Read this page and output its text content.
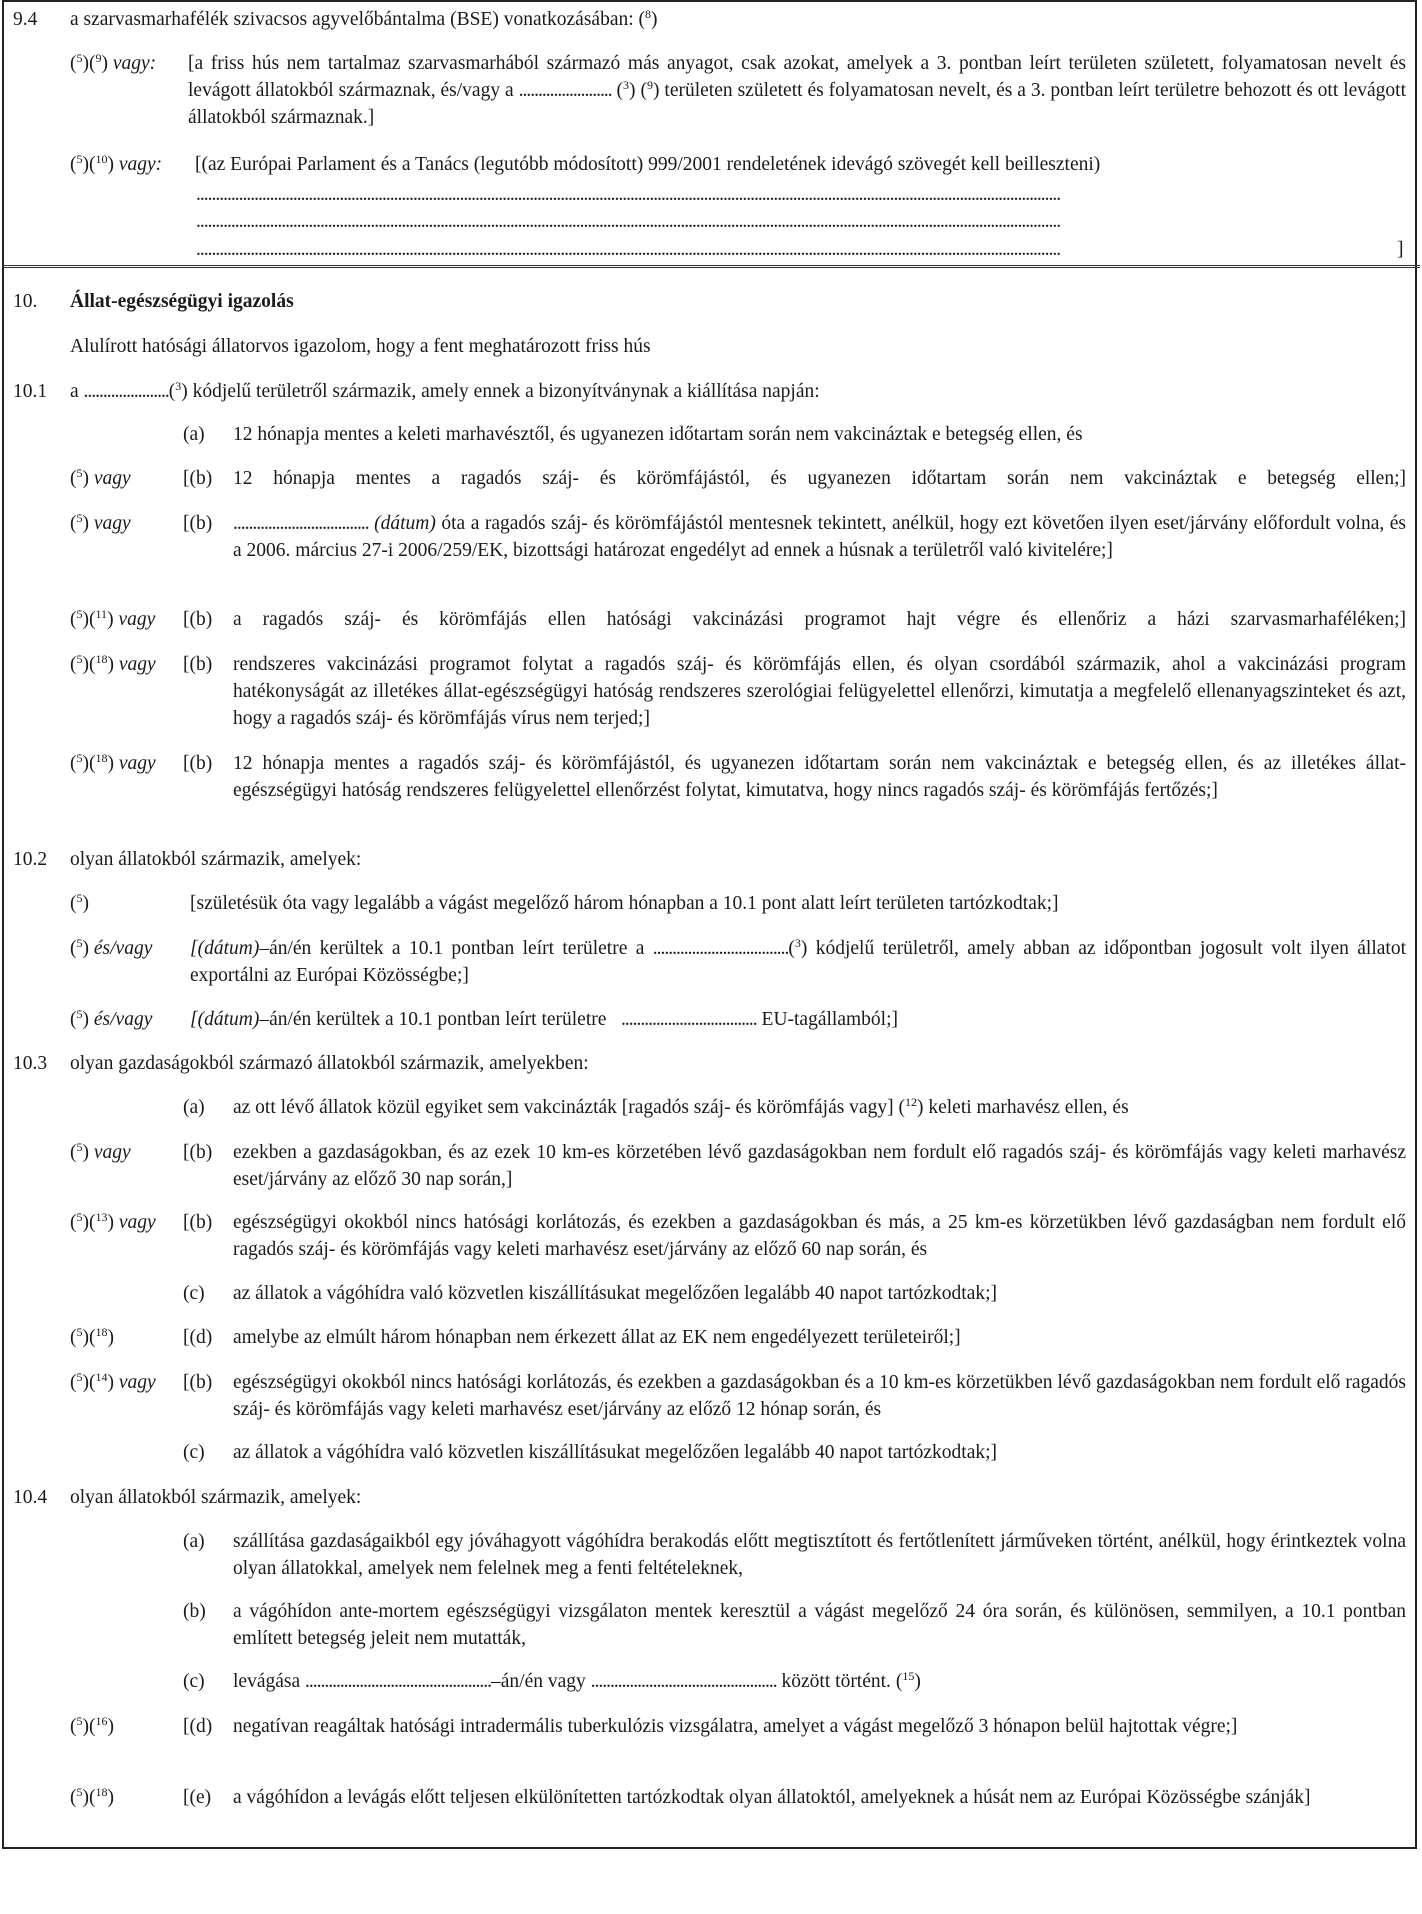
9.4 a szarvasmarhafélék szivacsos agyvelőbántalma (BSE) vonatkozásában: ($^8$)
($^5$)($^9$) vagy: [a friss hús nem tartalmaz szarvasmarhából származó más anyagot, csak azokat, amelyek a 3. pontban leírt területen született, folyamatosan nevelt és levágott állatokból származnak, és/vagy a ........................ ($^3$) ($^9$) területen született és folyamatosan nevelt, és a 3. pontban leírt területre behozott és ott levágott állatokból származnak.]
($^5$)($^{10}$) vagy: [(az Európai Parlament és a Tanács (legutóbb módosított) 999/2001 rendeletének idevágó szövegét kell beilleszteni)
...............................................................................................................................................................................................................................
...............................................................................................................................................................................................................................
...............................................................................................................................................................................................................................	]
10. Állat-egészségügyi igazolás
Alulírott hatósági állatorvos igazolom, hogy a fent meghatározott friss hús
10.1 a ......................($^3$) kódjelű területről származik, amely ennek a bizonyítványnak a kiállítása napján:
(a) 12 hónapja mentes a keleti marhavésztől, és ugyanezen időtartam során nem vakcináztak e betegség ellen, és
($^5$) vagy	[(b) 12 hónapja mentes a ragadós száj- és körömfájástól, és ugyanezen időtartam során nem vakcináztak e betegség ellen;]
($^5$) vagy	[(b) ................................... (dátum) óta a ragadós száj- és körömfájástól mentesnek tekintett, anélkül, hogy ezt követően ilyen eset/járvány előfordult volna, és a 2006. március 27-i 2006/259/EK, bizottsági határozat engedélyt ad ennek a húsnak a területről való kivitelére;]
($^5$)($^{11}$) vagy [(b) a ragadós száj- és körömfájás ellen hatósági vakcinázási programot hajt végre és ellenőriz a házi szarvasmarhaféléken;]
($^5$)($^{18}$) vagy [(b) rendszeres vakcinázási programot folytat a ragadós száj- és körömfájás ellen, és olyan csordából származik, ahol a vakcinázási program hatékonyságát az illetékes állat-egészségügyi hatóság rendszeres szerológiai felügyelettel ellenőrzi, kimutatja a megfelelő ellenanyagszinteket és azt, hogy a ragadós száj- és körömfájás vírus nem terjed;]
($^5$)($^{18}$) vagy [(b) 12 hónapja mentes a ragadós száj- és körömfájástól, és ugyanezen időtartam során nem vakcináztak e betegség ellen, és az illetékes állat-egészségügyi hatóság rendszeres felügyelettel ellenőrzést folytat, kimutatva, hogy nincs ragadós száj- és körömfájás fertőzés;]
10.2 olyan állatokból származik, amelyek:
($^5$)	[születésük óta vagy legalább a vágást megelőző három hónapban a 10.1 pont alatt leírt területen tartózkodtak;]
($^5$) és/vagy [(dátum)–án/én kerültek a 10.1 pontban leírt területre a ...................................($^3$) kódjelű területről, amely abban az időpontban jogosult volt ilyen állatot exportálni az Európai Közösségbe;]
($^5$) és/vagy [(dátum)–án/én kerültek a 10.1 pontban leírt területre ................................... EU-tagállamból;]
10.3 olyan gazdaságokból származó állatokból származik, amelyekben:
(a) az ott lévő állatok közül egyiket sem vakcinázták [ragadós száj- és körömfájás vagy] ($^{12}$) keleti marhavész ellen, és
($^5$) vagy	[(b) ezekben a gazdaságokban, és az ezek 10 km-es körzetében lévő gazdaságokban nem fordult elő ragadós száj- és körömfájás vagy keleti marhavész eset/járvány az előző 30 nap során,]
($^5$)($^{13}$) vagy [(b) egészségügyi okokból nincs hatósági korlátozás, és ezekben a gazdaságokban és más, a 25 km-es körzetükben lévő gazdaságban nem fordult elő ragadós száj- és körömfájás vagy keleti marhavész eset/járvány az előző 60 nap során, és
(c) az állatok a vágóhídra való közvetlen kiszállításukat megelőzően legalább 40 napot tartózkodtak;]
($^5$)($^{18}$)	[(d) amelybe az elmúlt három hónapban nem érkezett állat az EK nem engedélyezett területeiről;]
($^5$)($^{14}$) vagy [(b) egészségügyi okokból nincs hatósági korlátozás, és ezekben a gazdaságokban és a 10 km-es körzetükben lévő gazdaságokban nem fordult elő ragadós száj- és körömfájás vagy keleti marhavész eset/járvány az előző 12 hónap során, és
(c) az állatok a vágóhídra való közvetlen kiszállításukat megelőzően legalább 40 napot tartózkodtak;]
10.4 olyan állatokból származik, amelyek:
(a) szállítása gazdaságaikból egy jóváhagyott vágóhídra berakodás előtt megtisztított és fertőtlenített járműveken történt, anélkül, hogy érintkeztek volna olyan állatokkal, amelyek nem felelnek meg a fenti feltételeknek,
(b) a vágóhídon ante-mortem egészségügyi vizsgálaton mentek keresztül a vágást megelőző 24 óra során, és különösen, semmilyen, a 10.1 pontban említett betegség jeleit nem mutatták,
(c) levágása ................................................–án/én vagy ................................................ között történt. ($^{15}$)
($^5$)($^{16}$)	[(d) negatívan reagáltak hatósági intradermális tuberkulózis vizsgálatra, amelyet a vágást megelőző 3 hónapon belül hajtottak végre;]
($^5$)($^{18}$)	[(e) a vágóhídon a levágás előtt teljesen elkülönítetten tartózkodtak olyan állatoktól, amelyeknek a húsát nem az Európai Közösségbe szánják]
